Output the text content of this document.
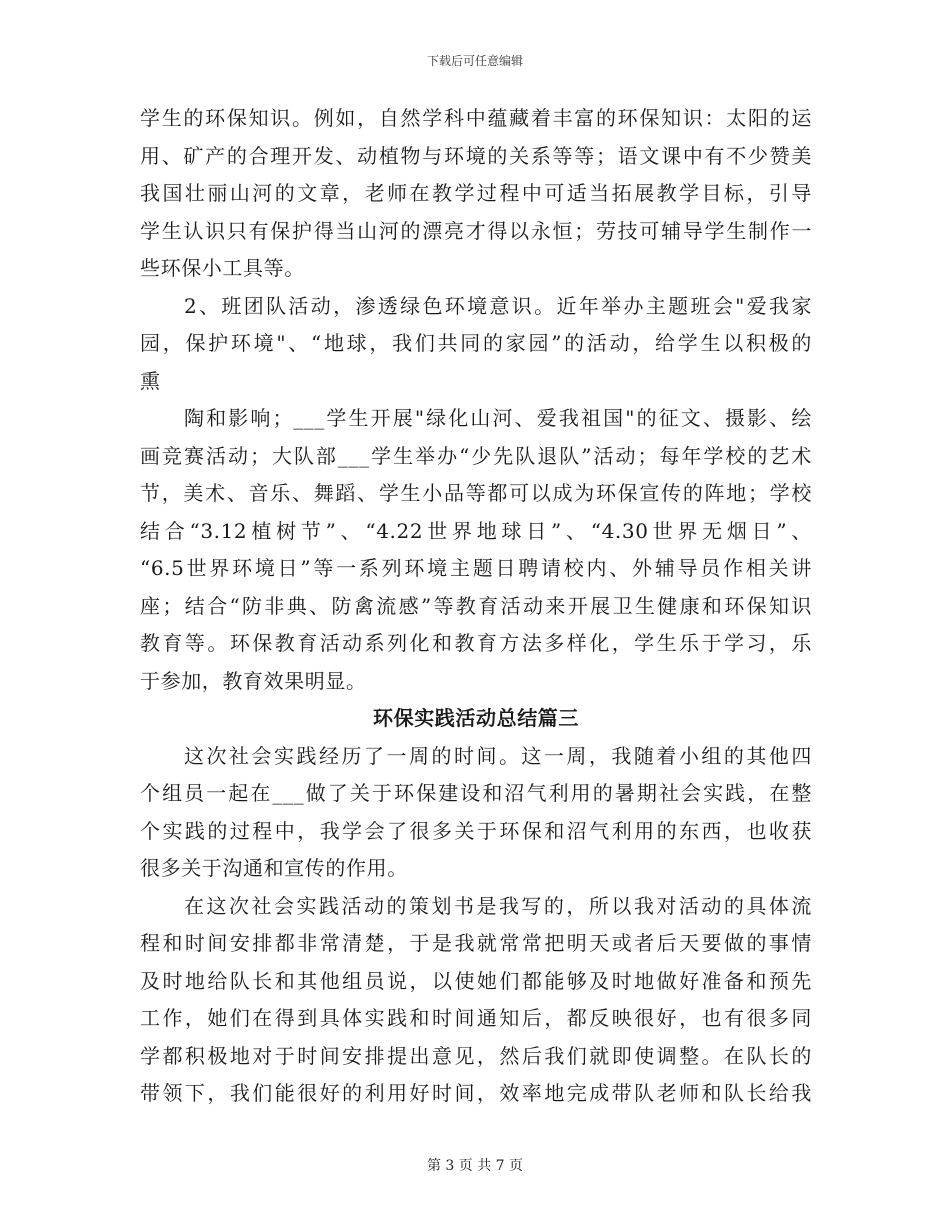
下载后可任意编辑
学生的环保知识。例如，自然学科中蕴藏着丰富的环保知识：太阳的运
用、矿产的合理开发、动植物与环境的关系等等；语文课中有不少赞美
我国壮丽山河的文章，老师在教学过程中可适当拓展教学目标，引导
学生认识只有保护得当山河的漂亮才得以永恒；劳技可辅导学生制作一
些环保小工具等。
2、班团队活动，渗透绿色环境意识。近年举办主题班会"爱我家
园，保护环境"、“地球，我们共同的家园”的活动，给学生以积极的
熏
陶和影响；___学生开展"绿化山河、爱我祖国"的征文、摄影、绘
画竞赛活动；大队部___学生举办“少先队退队”活动；每年学校的艺术
节，美术、音乐、舞蹈、学生小品等都可以成为环保宣传的阵地；学校
结合“3.12植树节”、“4.22世界地球日”、“4.30世界无烟日”、
“6.5世界环境日”等一系列环境主题日聘请校内、外辅导员作相关讲
座；结合“防非典、防禽流感”等教育活动来开展卫生健康和环保知识
教育等。环保教育活动系列化和教育方法多样化，学生乐于学习，乐
于参加，教育效果明显。
环保实践活动总结篇三
这次社会实践经历了一周的时间。这一周，我随着小组的其他四
个组员一起在___做了关于环保建设和沼气利用的暑期社会实践，在整
个实践的过程中，我学会了很多关于环保和沼气利用的东西，也收获
很多关于沟通和宣传的作用。
在这次社会实践活动的策划书是我写的，所以我对活动的具体流
程和时间安排都非常清楚，于是我就常常把明天或者后天要做的事情
及时地给队长和其他组员说，以使她们都能够及时地做好准备和预先
工作，她们在得到具体实践和时间通知后，都反映很好，也有很多同
学都积极地对于时间安排提出意见，然后我们就即使调整。在队长的
带领下，我们能很好的利用好时间，效率地完成带队老师和队长给我
第 3 页 共 7 页
